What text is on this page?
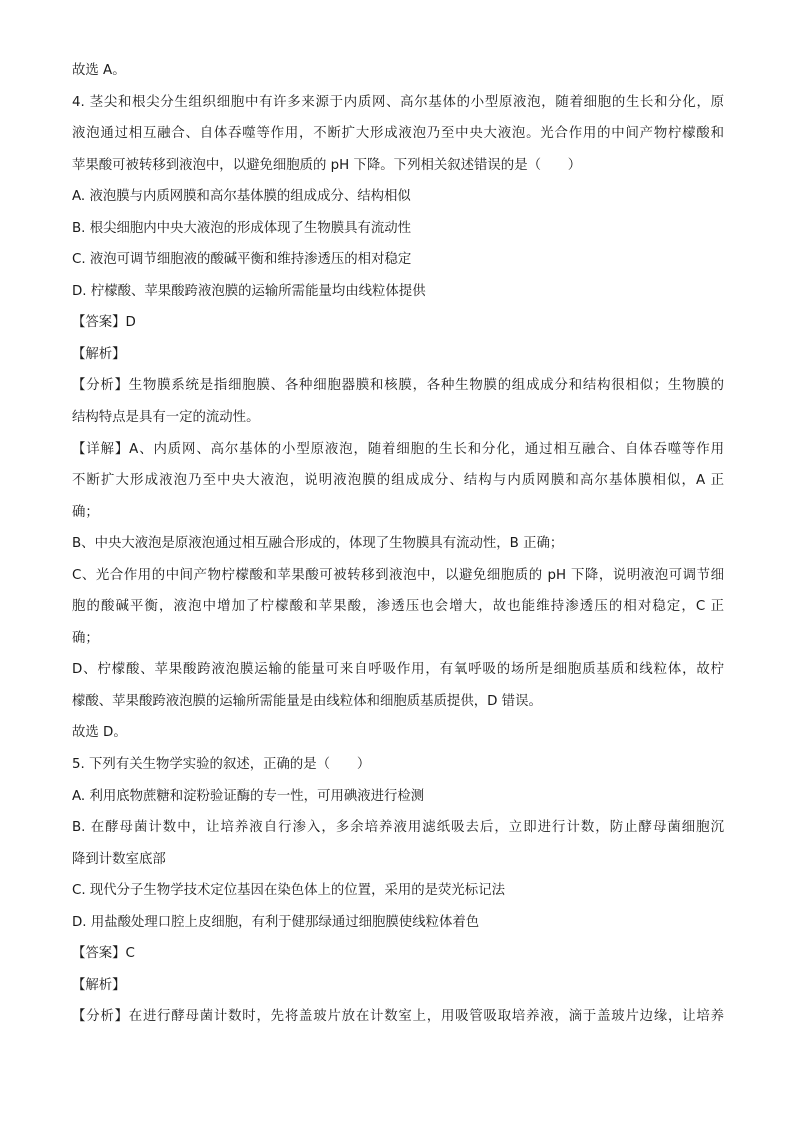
故选 A。
4. 茎尖和根尖分生组织细胞中有许多来源于内质网、高尔基体的小型原液泡，随着细胞的生长和分化，原
液泡通过相互融合、自体吞噬等作用，不断扩大形成液泡乃至中央大液泡。光合作用的中间产物柠檬酸和
苹果酸可被转移到液泡中，以避免细胞质的 pH 下降。下列相关叙述错误的是（　　）
A. 液泡膜与内质网膜和高尔基体膜的组成成分、结构相似
B. 根尖细胞内中央大液泡的形成体现了生物膜具有流动性
C. 液泡可调节细胞液的酸碱平衡和维持渗透压的相对稳定
D. 柠檬酸、苹果酸跨液泡膜的运输所需能量均由线粒体提供
【答案】D
【解析】
【分析】生物膜系统是指细胞膜、各种细胞器膜和核膜，各种生物膜的组成成分和结构很相似；生物膜的
结构特点是具有一定的流动性。
【详解】A、内质网、高尔基体的小型原液泡，随着细胞的生长和分化，通过相互融合、自体吞噬等作用
不断扩大形成液泡乃至中央大液泡，说明液泡膜的组成成分、结构与内质网膜和高尔基体膜相似，A 正
确；
B、中央大液泡是原液泡通过相互融合形成的，体现了生物膜具有流动性，B 正确；
C、光合作用的中间产物柠檬酸和苹果酸可被转移到液泡中，以避免细胞质的 pH 下降，说明液泡可调节细
胞的酸碱平衡，液泡中增加了柠檬酸和苹果酸，渗透压也会增大，故也能维持渗透压的相对稳定，C 正
确；
D、柠檬酸、苹果酸跨液泡膜运输的能量可来自呼吸作用，有氧呼吸的场所是细胞质基质和线粒体，故柠
檬酸、苹果酸跨液泡膜的运输所需能量是由线粒体和细胞质基质提供，D 错误。
故选 D。
5. 下列有关生物学实验的叙述，正确的是（　　）
A. 利用底物蔗糖和淀粉验证酶的专一性，可用碘液进行检测
B. 在酵母菌计数中，让培养液自行渗入，多余培养液用滤纸吸去后，立即进行计数，防止酵母菌细胞沉
降到计数室底部
C. 现代分子生物学技术定位基因在染色体上的位置，采用的是荧光标记法
D. 用盐酸处理口腔上皮细胞，有利于健那绿通过细胞膜使线粒体着色
【答案】C
【解析】
【分析】在进行酵母菌计数时，先将盖玻片放在计数室上，用吸管吸取培养液，滴于盖玻片边缘，让培养
